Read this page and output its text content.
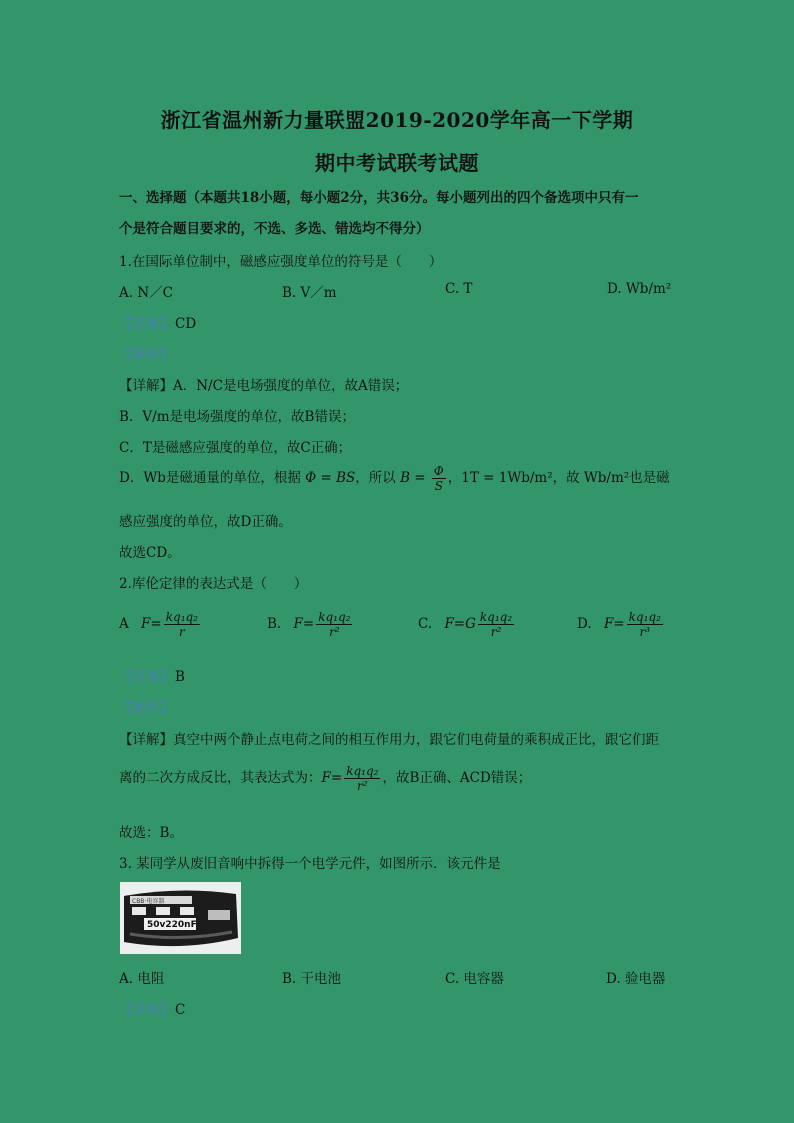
浙江省温州新力量联盟2019-2020学年高一下学期
期中考试联考试题
一、选择题（本题共18小题，每小题2分，共36分。每小题列出的四个备选项中只有一
个是符合题目要求的，不选、多选、错选均不得分）
1.在国际单位制中，磁感应强度单位的符号是（　　）
A. N／C	B. V／m	C. T	D. Wb/m²
【答案】 CD
【解析】
【详解】A．N/C是电场强度的单位，故A错误；
B．V/m是电场强度的单位，故B错误；
C．T是磁感应强度的单位，故C正确；
D．Wb是磁通量的单位，根据 Φ = BS，所以 $B = \frac{\Phi}{S}$ ，1T = 1Wb/m²，故 Wb/m²也是磁
感应强度的单位，故D正确。
故选CD。
2.库伦定律的表达式是（　　）
A $F= \frac{\text{kq₁q₂}}{r}$	B. $F= \frac{\text{kq₁q₂}}{\text{r²}}$	C. $F=G \frac{\text{kq₁q₂}}{\text{r²}}$	D. $F= \frac{\text{kq₁q₂}}{\text{r³}}$
【答案】 B
【解析】
【详解】真空中两个静止点电荷之间的相互作用力，跟它们电荷量的乘积成正比，跟它们距
离的二次方成反比，其表达式为：$F= \frac{\text{kq₁q₂}}{\text{r²}}$ ，故B正确、ACD错误；
故选：B。
3. 某同学从废旧音响中拆得一个电学元件，如图所示．该元件是
CBB·电容器
50v220nF
A. 电阻	B. 干电池	C. 电容器	D. 验电器
【答案】 C
